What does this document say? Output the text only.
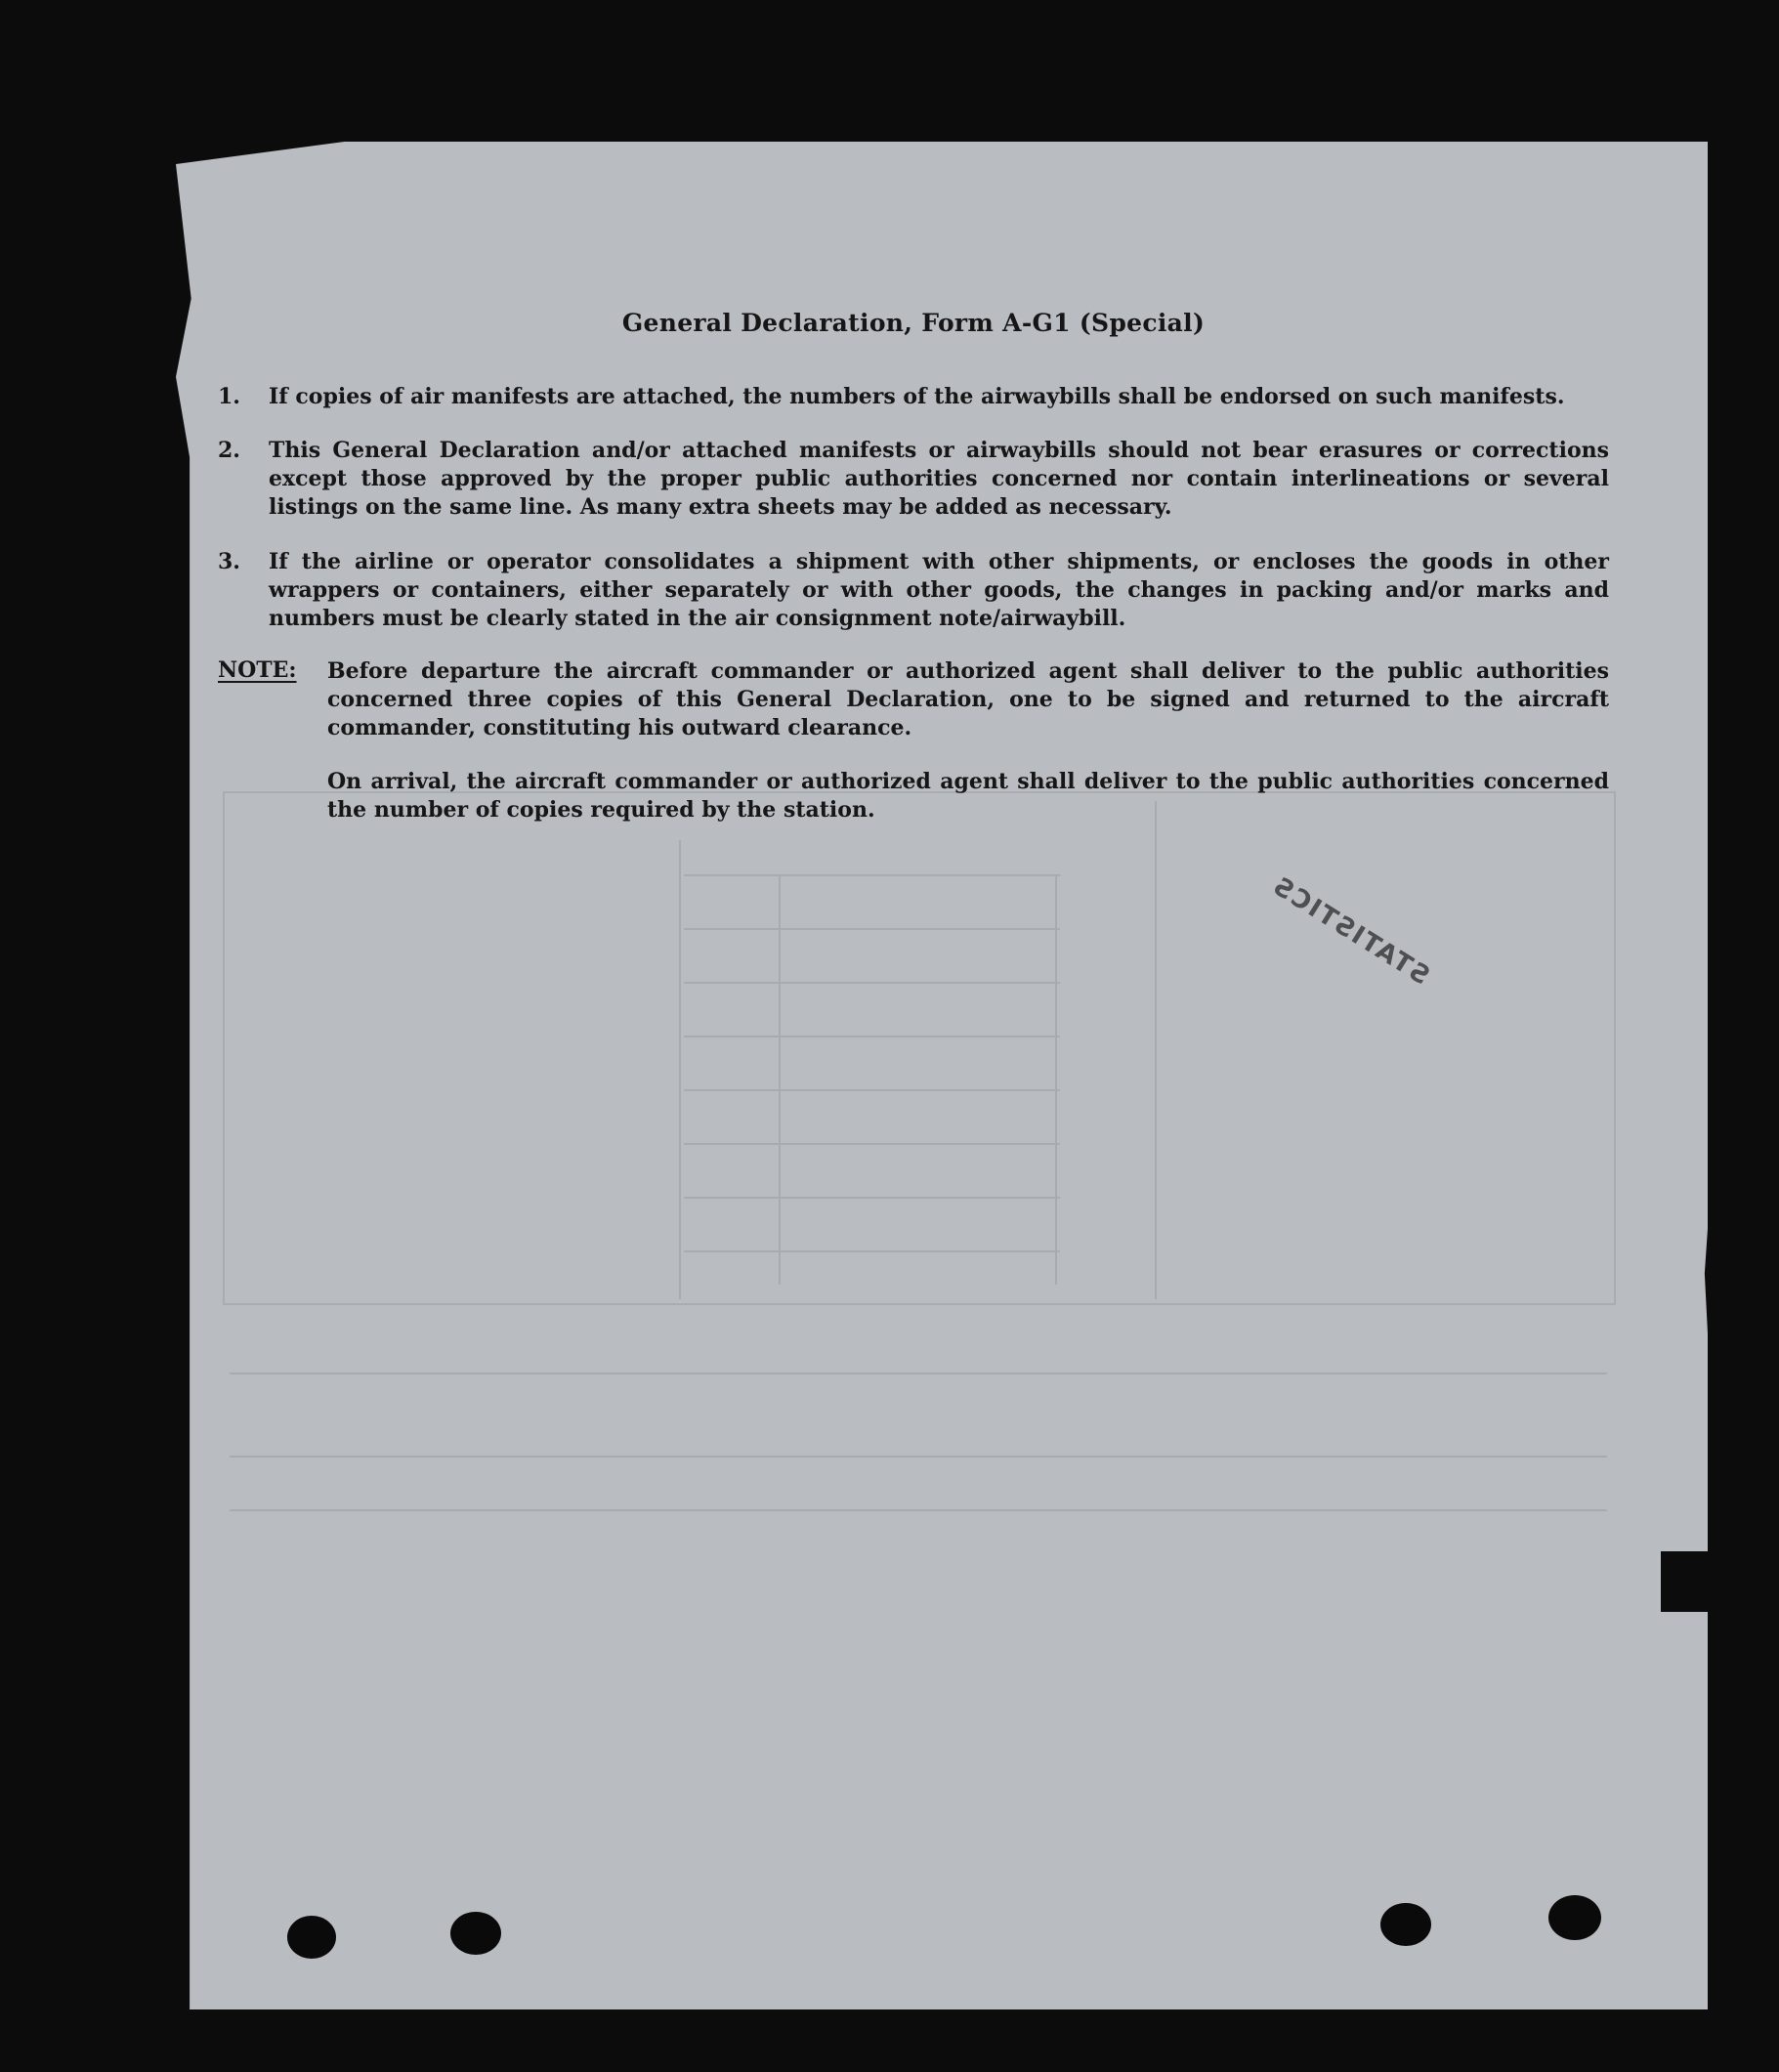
General Declaration, Form A-G1 (Special)
1. If copies of air manifests are attached, the numbers of the airwaybills shall be endorsed on such manifests.
2. This General Declaration and/or attached manifests or airwaybills should not bear erasures or corrections except those approved by the proper public authorities concerned nor contain interlineations or several listings on the same line. As many extra sheets may be added as necessary.
3. If the airline or operator consolidates a shipment with other shipments, or encloses the goods in other wrappers or containers, either separately or with other goods, the changes in packing and/or marks and numbers must be clearly stated in the air consignment note/airwaybill.
NOTE: Before departure the aircraft commander or authorized agent shall deliver to the public authorities concerned three copies of this General Declaration, one to be signed and returned to the aircraft commander, constituting his outward clearance.
On arrival, the aircraft commander or authorized agent shall deliver to the public authorities concerned the number of copies required by the station.
STATISTICS
